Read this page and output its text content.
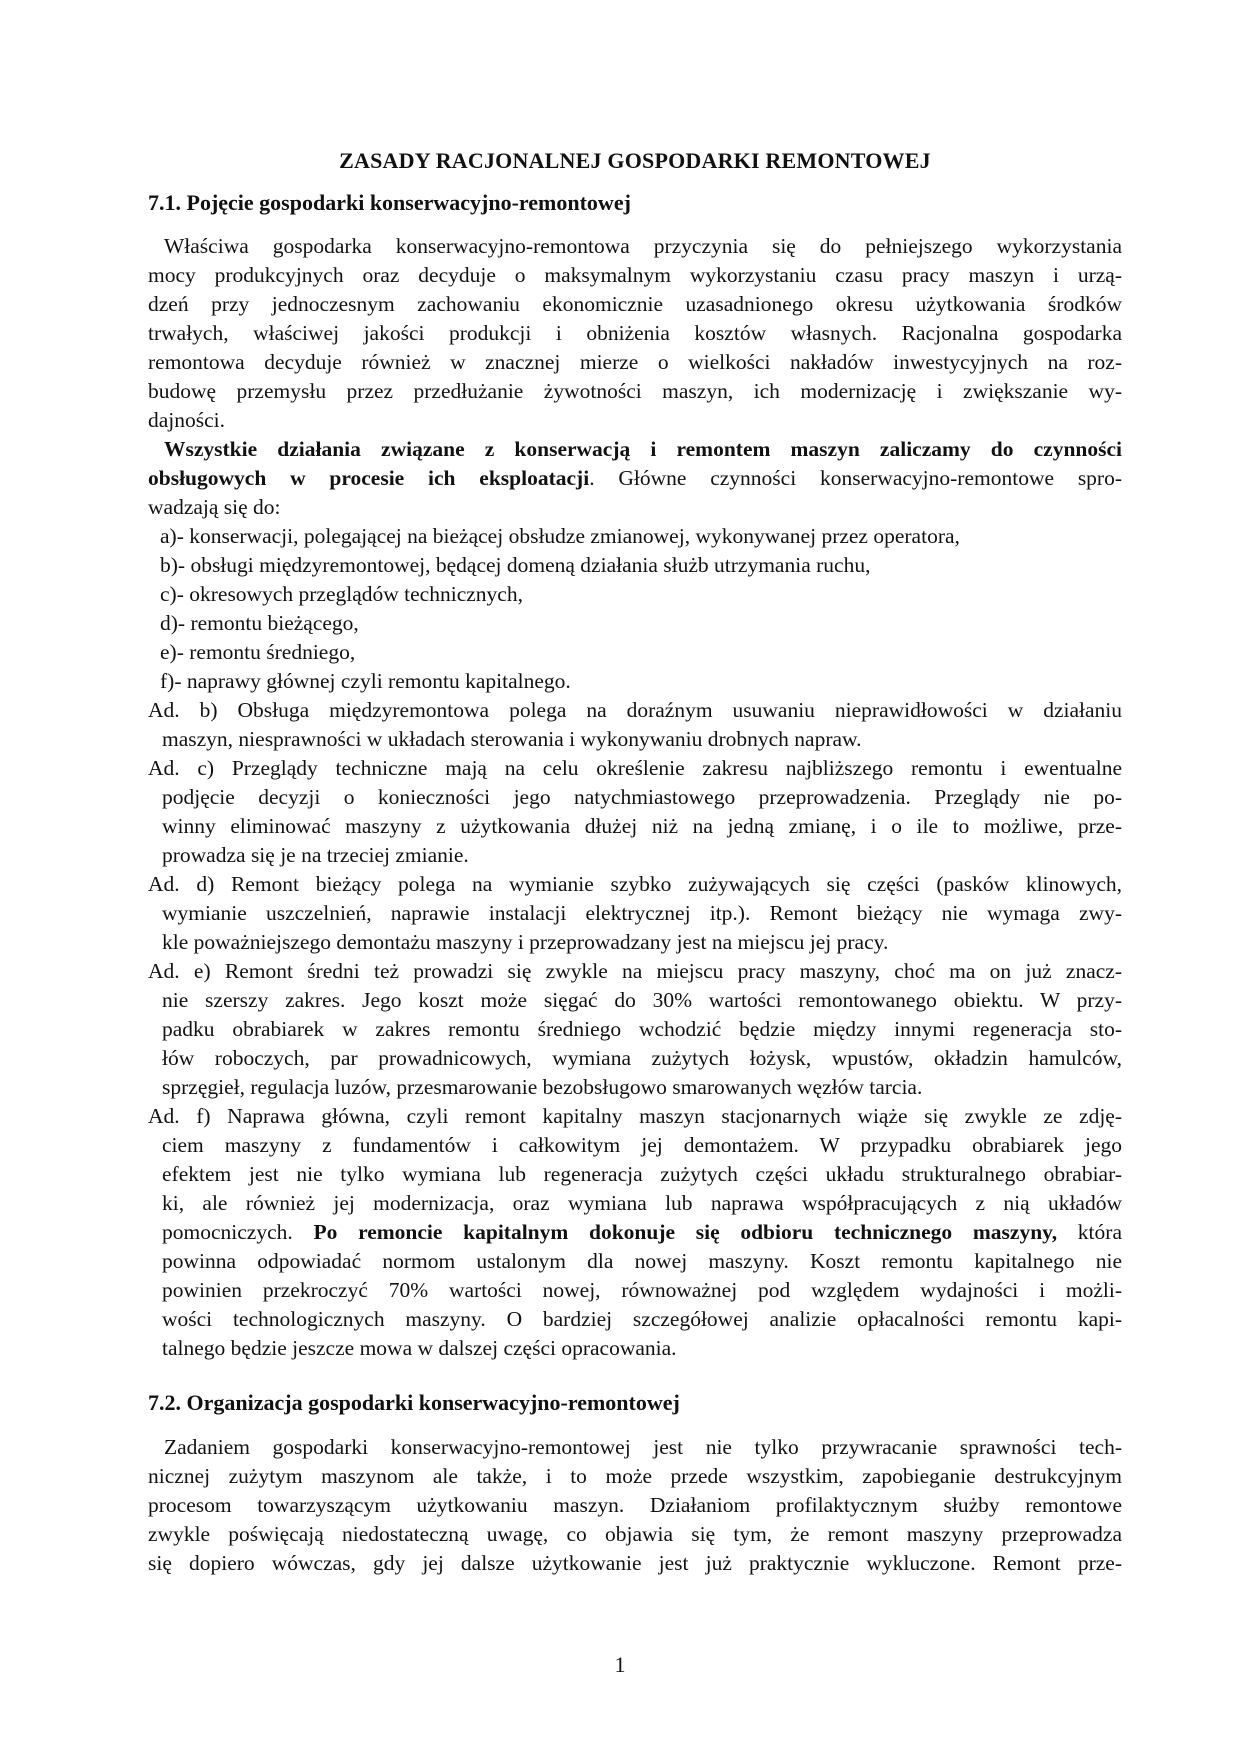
ZASADY RACJONALNEJ GOSPODARKI REMONTOWEJ
7.1. Pojęcie gospodarki konserwacyjno-remontowej
Właściwa gospodarka konserwacyjno-remontowa przyczynia się do pełniejszego wykorzystania
mocy produkcyjnych oraz decyduje o maksymalnym wykorzystaniu czasu pracy maszyn i urzą-
dzeń przy jednoczesnym zachowaniu ekonomicznie uzasadnionego okresu użytkowania środków
trwałych, właściwej jakości produkcji i obniżenia kosztów własnych. Racjonalna gospodarka
remontowa decyduje również w znacznej mierze o wielkości nakładów inwestycyjnych na roz-
budowę przemysłu przez przedłużanie żywotności maszyn, ich modernizację i zwiększanie wy-
dajności.
Wszystkie działania związane z konserwacją i remontem maszyn zaliczamy do czynności
obsługowych w procesie ich eksploatacji. Główne czynności konserwacyjno-remontowe spro-
wadzają się do:
a)- konserwacji, polegającej na bieżącej obsłudze zmianowej, wykonywanej przez operatora,
b)- obsługi międzyremontowej, będącej domeną działania służb utrzymania ruchu,
c)- okresowych przeglądów technicznych,
d)- remontu bieżącego,
e)- remontu średniego,
f)- naprawy głównej czyli remontu kapitalnego.
Ad. b) Obsługa międzyremontowa polega na doraźnym usuwaniu nieprawidłowości w działaniu
maszyn, niesprawności w układach sterowania i wykonywaniu drobnych napraw.
Ad. c) Przeglądy techniczne mają na celu określenie zakresu najbliższego remontu i ewentualne
podjęcie decyzji o konieczności jego natychmiastowego przeprowadzenia. Przeglądy nie po-
winny eliminować maszyny z użytkowania dłużej niż na jedną zmianę, i o ile to możliwe, prze-
prowadza się je na trzeciej zmianie.
Ad. d) Remont bieżący polega na wymianie szybko zużywających się części (pasków klinowych,
wymianie uszczelnień, naprawie instalacji elektrycznej itp.). Remont bieżący nie wymaga zwy-
kle poważniejszego demontażu maszyny i przeprowadzany jest na miejscu jej pracy.
Ad. e) Remont średni też prowadzi się zwykle na miejscu pracy maszyny, choć ma on już znacz-
nie szerszy zakres. Jego koszt może sięgać do 30% wartości remontowanego obiektu. W przy-
padku obrabiarek w zakres remontu średniego wchodzić będzie między innymi regeneracja sto-
łów roboczych, par prowadnicowych, wymiana zużytych łożysk, wpustów, okładzin hamulców,
sprzęgieł, regulacja luzów, przesmarowanie bezobsługowo smarowanych węzłów tarcia.
Ad. f) Naprawa główna, czyli remont kapitalny maszyn stacjonarnych wiąże się zwykle ze zdję-
ciem maszyny z fundamentów i całkowitym jej demontażem. W przypadku obrabiarek jego
efektem jest nie tylko wymiana lub regeneracja zużytych części układu strukturalnego obrabiar-
ki, ale również jej modernizacja, oraz wymiana lub naprawa współpracujących z nią układów
pomocniczych. Po remoncie kapitalnym dokonuje się odbioru technicznego maszyny, która
powinna odpowiadać normom ustalonym dla nowej maszyny. Koszt remontu kapitalnego nie
powinien przekroczyć 70% wartości nowej, równoważnej pod względem wydajności i możli-
wości technologicznych maszyny. O bardziej szczegółowej analizie opłacalności remontu kapi-
talnego będzie jeszcze mowa w dalszej części opracowania.
7.2. Organizacja gospodarki konserwacyjno-remontowej
Zadaniem gospodarki konserwacyjno-remontowej jest nie tylko przywracanie sprawności tech-
nicznej zużytym maszynom ale także, i to może przede wszystkim, zapobieganie destrukcyjnym
procesom towarzyszącym użytkowaniu maszyn. Działaniom profilaktycznym służby remontowe
zwykle poświęcają niedostateczną uwagę, co objawia się tym, że remont maszyny przeprowadza
się dopiero wówczas, gdy jej dalsze użytkowanie jest już praktycznie wykluczone. Remont prze-
1
